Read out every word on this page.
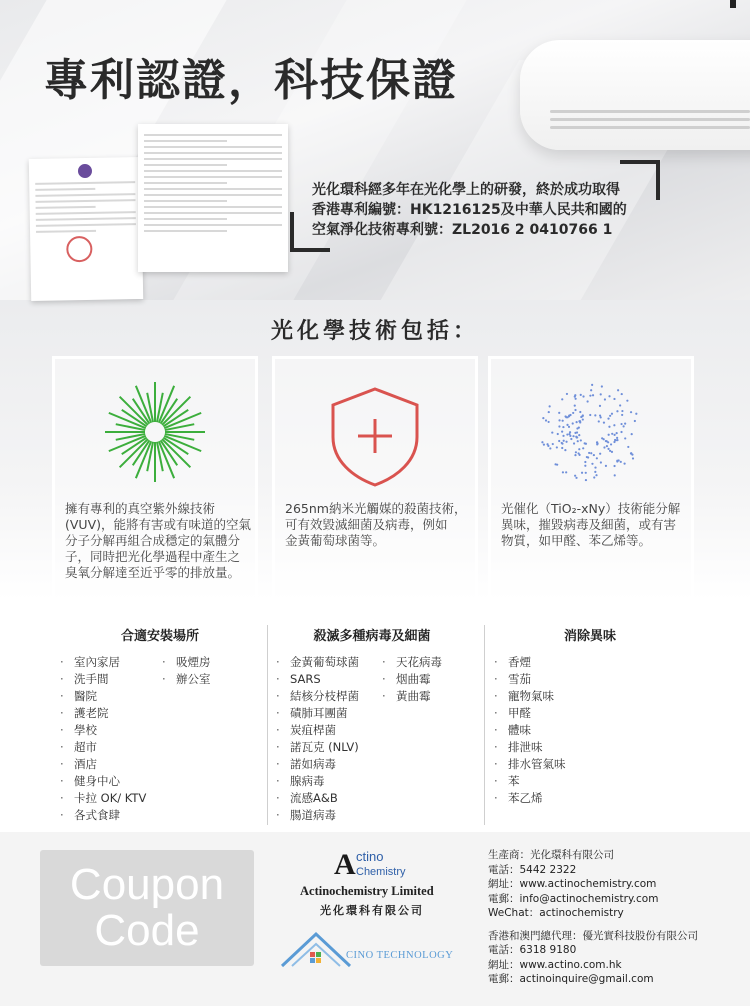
專利認證，科技保證
光化環科經多年在光化學上的研發，終於成功取得
香港專利編號：HK1216125及中華人民共和國的
空氣淨化技術專利號：ZL2016 2 0410766 1
光化學技術包括：
擁有專利的真空紫外線技術
(VUV)，能將有害或有味道的空氣
分子分解再組合成穩定的氣體分
子，同時把光化學過程中產生之
臭氧分解達至近乎零的排放量。
265nm納米光觸媒的殺菌技術，
可有效毀滅細菌及病毒，例如
金黃葡萄球菌等。
光催化（TiO₂-xNy）技術能分解
異味，摧毀病毒及細菌，或有害
物質，如甲醛、苯乙烯等。
合適安裝場所	殺滅多種病毒及細菌	消除異味
· 室內家居
· 洗手間
· 醫院
· 護老院
· 學校
· 超市
· 酒店
· 健身中心
· 卡拉 OK/ KTV
· 各式食肆
· 吸煙房
· 辦公室
· 金黃葡萄球菌
· SARS
· 結核分枝桿菌
· 磧肺耳團菌
· 炭疽桿菌
· 諾瓦克 (NLV)
· 諾如病毒
· 腺病毒
· 流感A&B
· 腸道病毒
· 天花病毒
· 烟曲霉
· 黃曲霉
· 香煙
· 雪茄
· 寵物氣味
· 甲醛
· 體味
· 排泄味
· 排水管氣味
· 苯
· 苯乙烯
Coupon
Code
A ctino
Chemistry
Actinochemistry Limited
光化環科有限公司
CINO TECHNOLOGY
生產商：光化環科有限公司
電話：5442 2322
網址：www.actinochemistry.com
電郵：info@actinochemistry.com
WeChat：actinochemistry
香港和澳門總代理：優光實科技股份有限公司
電話：6318 9180
網址：www.actino.com.hk
電郵：actinoinquire@gmail.com
